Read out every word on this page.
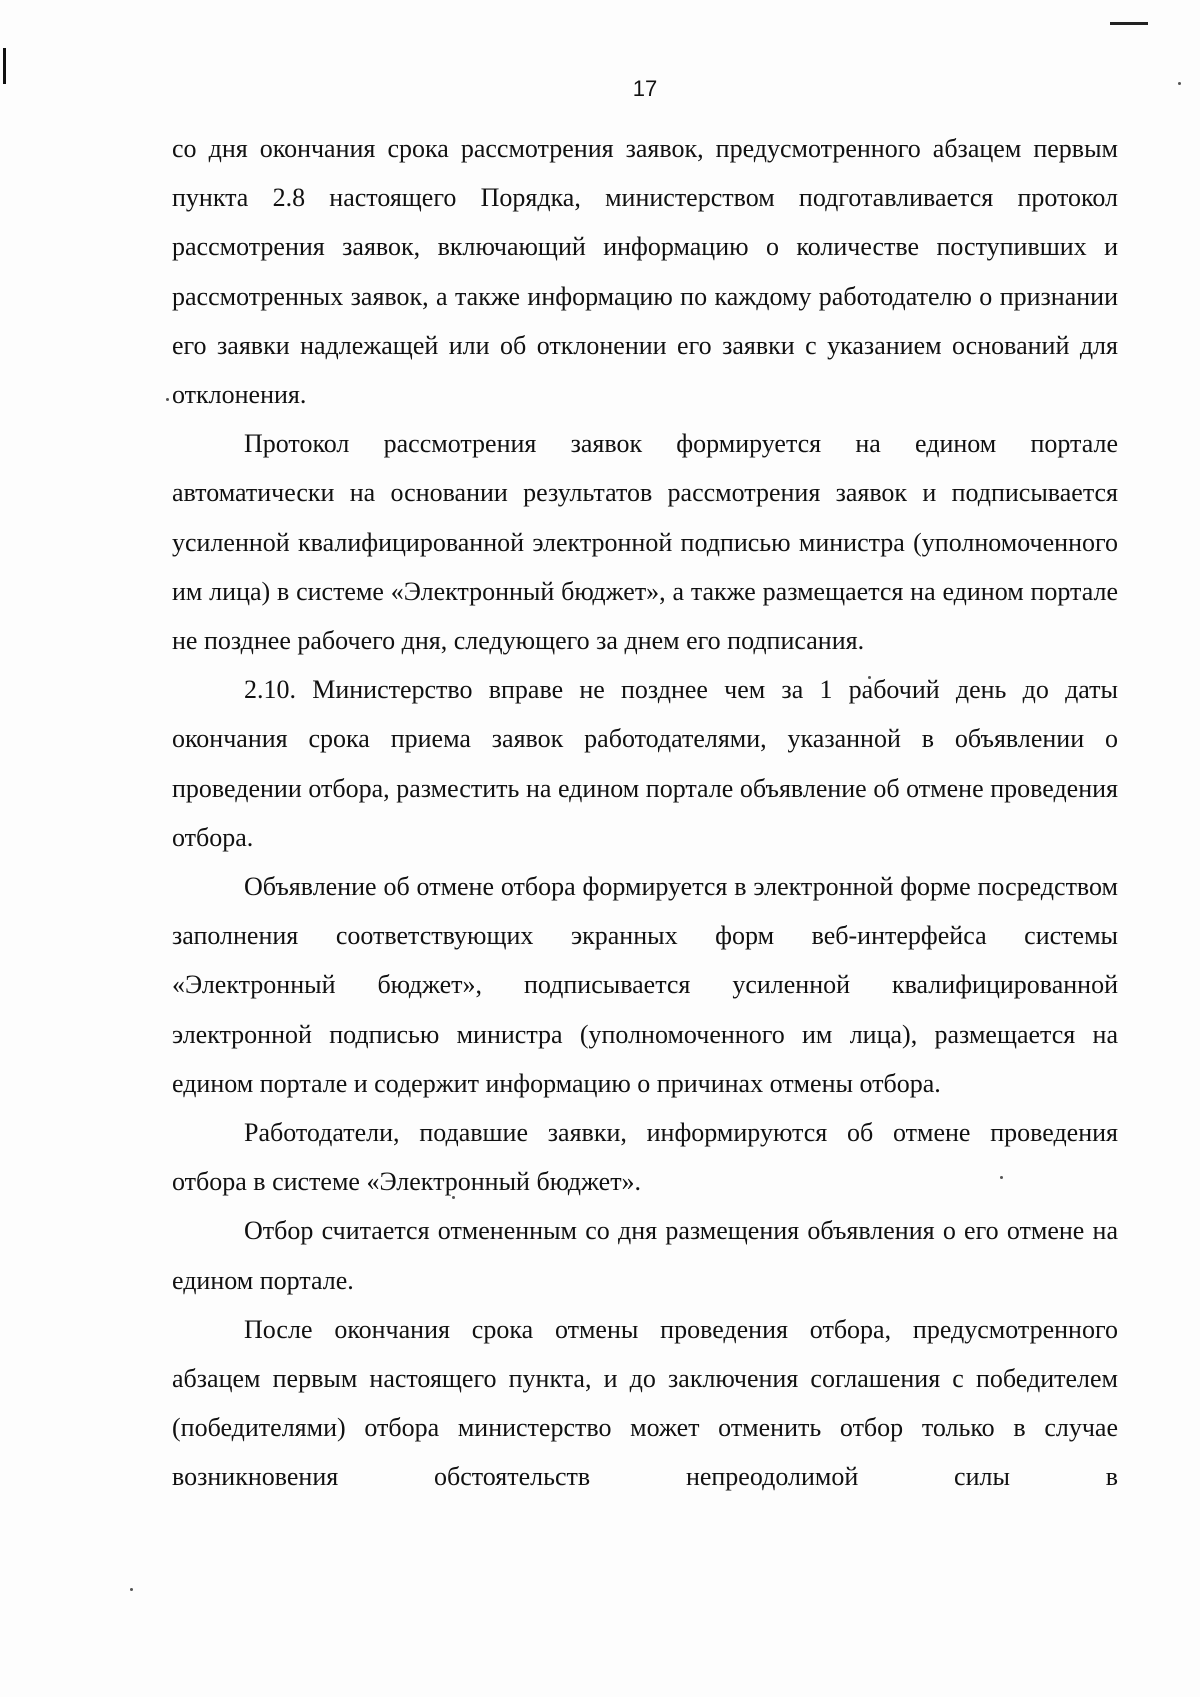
17

со дня окончания срока рассмотрения заявок, предусмотренного абзацем первым пункта 2.8 настоящего Порядка, министерством подготавливается протокол рассмотрения заявок, включающий информацию о количестве поступивших и рассмотренных заявок, а также информацию по каждому работодателю о признании его заявки надлежащей или об отклонении его заявки с указанием оснований для отклонения.

Протокол рассмотрения заявок формируется на едином портале автоматически на основании результатов рассмотрения заявок и подписывается усиленной квалифицированной электронной подписью министра (уполномоченного им лица) в системе «Электронный бюджет», а также размещается на едином портале не позднее рабочего дня, следующего за днем его подписания.

2.10. Министерство вправе не позднее чем за 1 рабочий день до даты окончания срока приема заявок работодателями, указанной в объявлении о проведении отбора, разместить на едином портале объявление об отмене проведения отбора.

Объявление об отмене отбора формируется в электронной форме посредством заполнения соответствующих экранных форм веб-интерфейса системы «Электронный бюджет», подписывается усиленной квалифицированной электронной подписью министра (уполномоченного им лица), размещается на едином портале и содержит информацию о причинах отмены отбора.

Работодатели, подавшие заявки, информируются об отмене проведения отбора в системе «Электронный бюджет».

Отбор считается отмененным со дня размещения объявления о его отмене на едином портале.

После окончания срока отмены проведения отбора, предусмотренного абзацем первым настоящего пункта, и до заключения соглашения с победителем (победителями) отбора министерство может отменить отбор только в случае возникновения обстоятельств непреодолимой силы в
